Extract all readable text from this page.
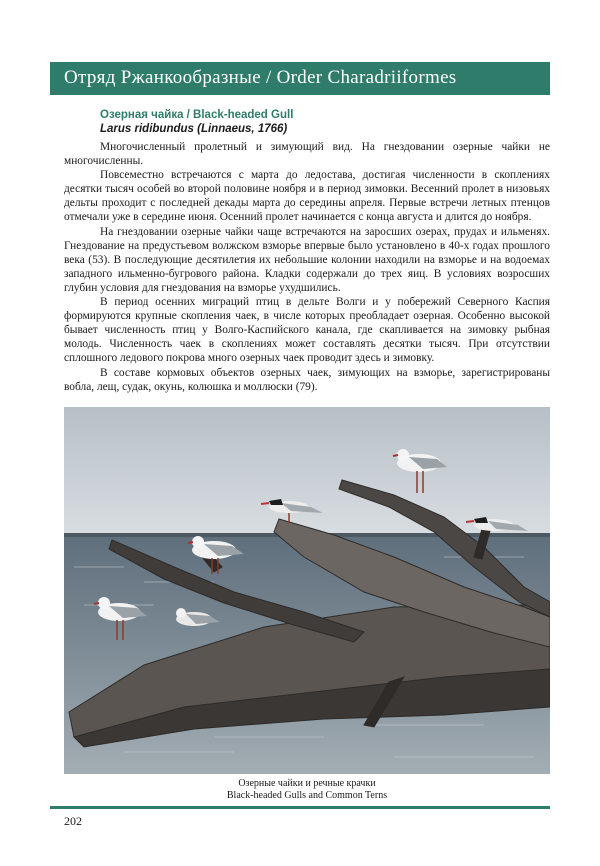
Отряд Ржанкообразные / Order Charadriiformes
Озерная чайка / Black-headed Gull
Larus ridibundus (Linnaeus, 1766)

Многочисленный пролетный и зимующий вид. На гнездовании озерные чайки не многочисленны.

Повсеместно встречаются с марта до ледостава, достигая численности в скоплениях десятки тысяч особей во второй половине ноября и в период зимовки. Весенний пролет в низовьях дельты проходит с последней декады марта до середины апреля. Первые встречи летных птенцов отмечали уже в середине июня. Осенний пролет начинается с конца августа и длится до ноября.

На гнездовании озерные чайки чаще встречаются на заросших озерах, прудах и ильменях. Гнездование на предустьевом волжском взморье впервые было установлено в 40-х годах прошлого века (53). В последующие десятилетия их небольшие колонии находили на взморье и на водоемах западного ильменно-бугрового района. Кладки содержали до трех яиц. В условиях возросших глубин условия для гнездования на взморье ухудшились.

В период осенних миграций птиц в дельте Волги и у побережий Северного Каспия формируются крупные скопления чаек, в числе которых преобладает озерная. Особенно высокой бывает численность птиц у Волго-Каспийского канала, где скапливается на зимовку рыбная молодь. Численность чаек в скоплениях может составлять десятки тысяч. При отсутствии сплошного ледового покрова много озерных чаек проводит здесь и зимовку.

В составе кормовых объектов озерных чаек, зимующих на взморье, зарегистрированы вобла, лещ, судак, окунь, колюшка и моллюски (79).

Озерные чайки и речные крачки
Black-headed Gulls and Common Terns
202
